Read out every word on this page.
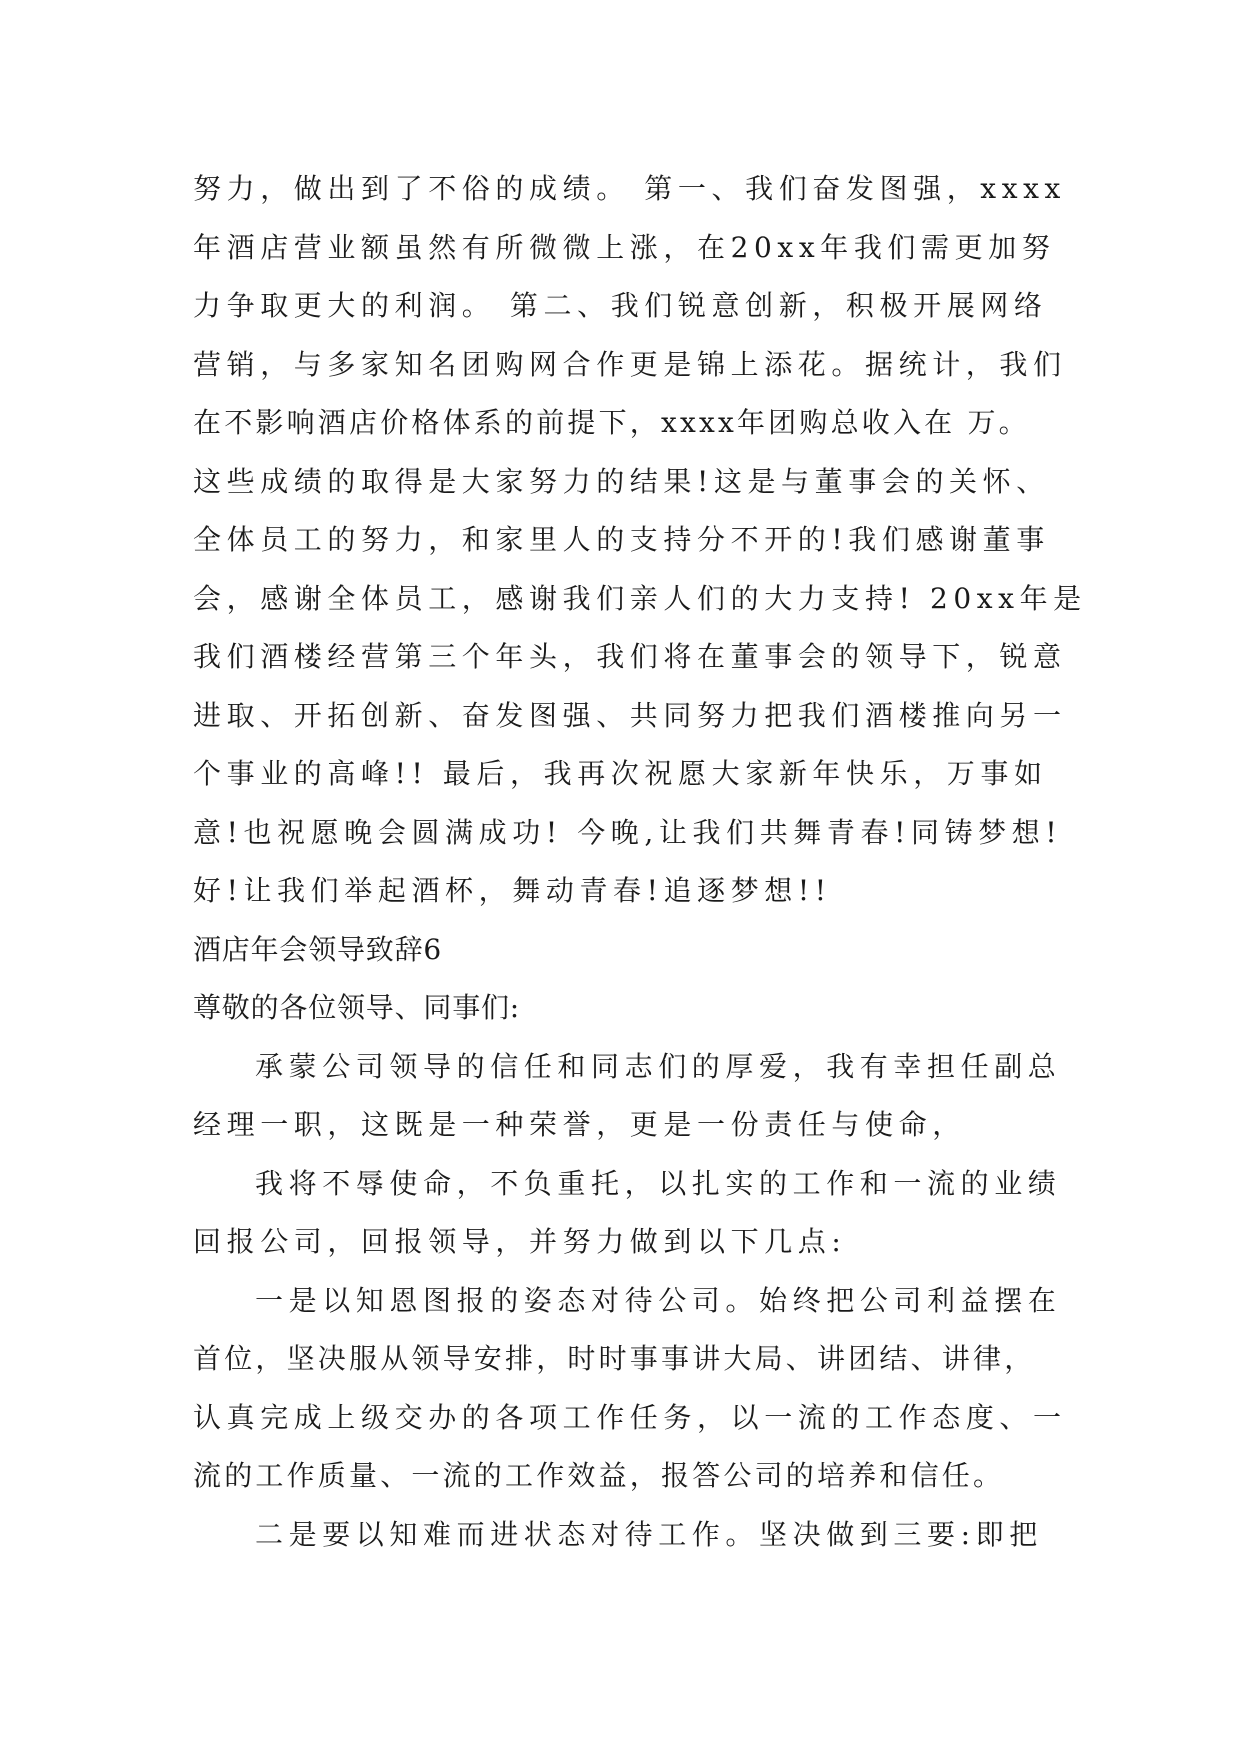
努力，做出到了不俗的成绩。 第一、我们奋发图强，xxxx
年酒店营业额虽然有所微微上涨，在20xx年我们需更加努
力争取更大的利润。 第二、我们锐意创新，积极开展网络
营销，与多家知名团购网合作更是锦上添花。据统计，我们
在不影响酒店价格体系的前提下，xxxx年团购总收入在 万。
这些成绩的取得是大家努力的结果!这是与董事会的关怀、
全体员工的努力，和家里人的支持分不开的!我们感谢董事
会，感谢全体员工，感谢我们亲人们的大力支持! 20xx年是
我们酒楼经营第三个年头，我们将在董事会的领导下，锐意
进取、开拓创新、奋发图强、共同努力把我们酒楼推向另一
个事业的高峰!! 最后，我再次祝愿大家新年快乐，万事如
意!也祝愿晚会圆满成功! 今晚,让我们共舞青春!同铸梦想!
好!让我们举起酒杯，舞动青春!追逐梦想!!
酒店年会领导致辞6
尊敬的各位领导、同事们:
承蒙公司领导的信任和同志们的厚爱，我有幸担任副总
经理一职，这既是一种荣誉，更是一份责任与使命，
我将不辱使命，不负重托，以扎实的工作和一流的业绩
回报公司，回报领导，并努力做到以下几点:
一是以知恩图报的姿态对待公司。始终把公司利益摆在
首位，坚决服从领导安排，时时事事讲大局、讲团结、讲律，
认真完成上级交办的各项工作任务，以一流的工作态度、一
流的工作质量、一流的工作效益，报答公司的培养和信任。
二是要以知难而进状态对待工作。坚决做到三要:即把
